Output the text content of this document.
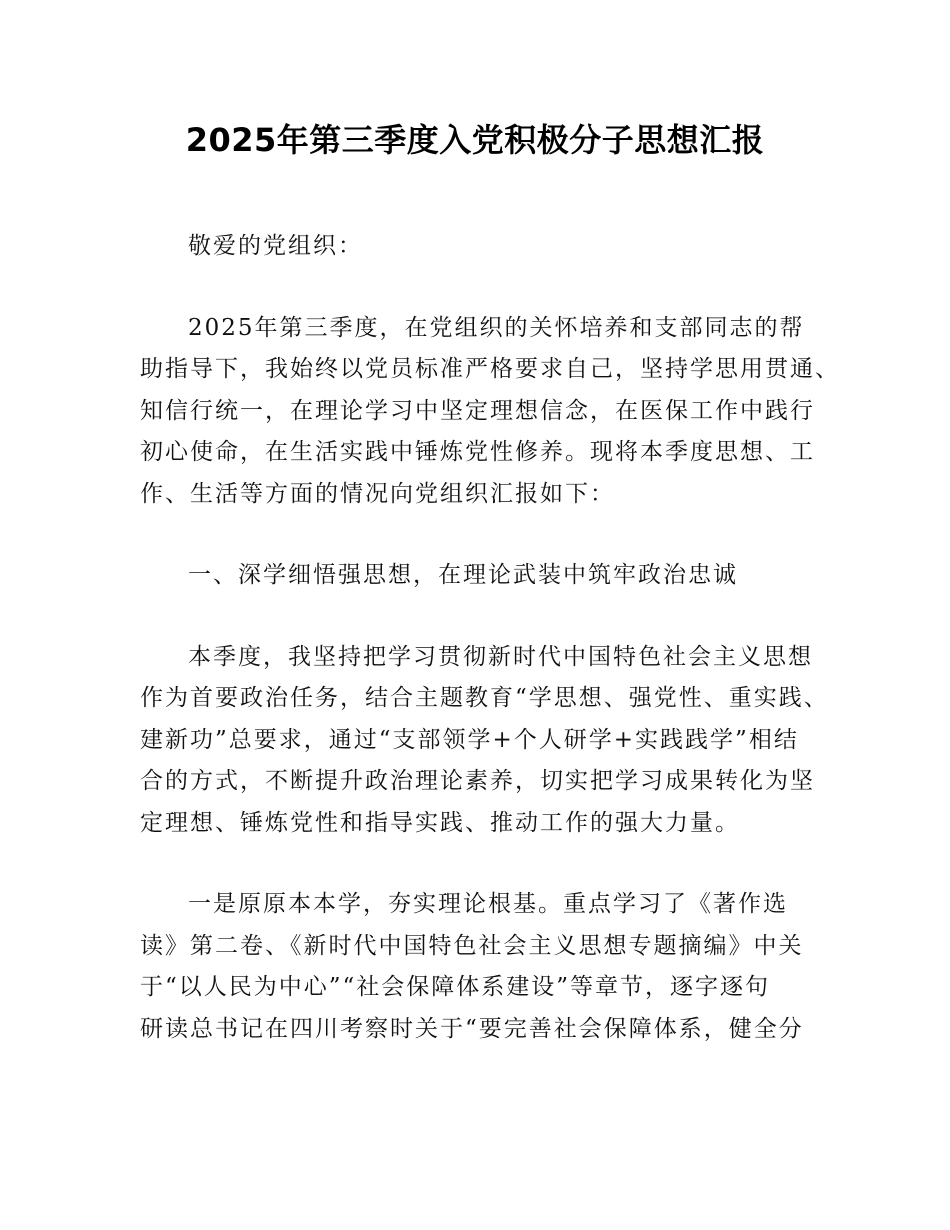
2025年第三季度入党积极分子思想汇报
敬爱的党组织：
2025年第三季度，在党组织的关怀培养和支部同志的帮
助指导下，我始终以党员标准严格要求自己，坚持学思用贯通、
知信行统一，在理论学习中坚定理想信念，在医保工作中践行
初心使命，在生活实践中锤炼党性修养。现将本季度思想、工
作、生活等方面的情况向党组织汇报如下：
一、深学细悟强思想，在理论武装中筑牢政治忠诚
本季度，我坚持把学习贯彻新时代中国特色社会主义思想
作为首要政治任务，结合主题教育“学思想、强党性、重实践、
建新功”总要求，通过“支部领学+个人研学+实践践学”相结
合的方式，不断提升政治理论素养，切实把学习成果转化为坚
定理想、锤炼党性和指导实践、推动工作的强大力量。
一是原原本本学，夯实理论根基。重点学习了《著作选
读》第二卷、《新时代中国特色社会主义思想专题摘编》中关
于“以人民为中心”“社会保障体系建设”等章节，逐字逐句
研读总书记在四川考察时关于“要完善社会保障体系，健全分
